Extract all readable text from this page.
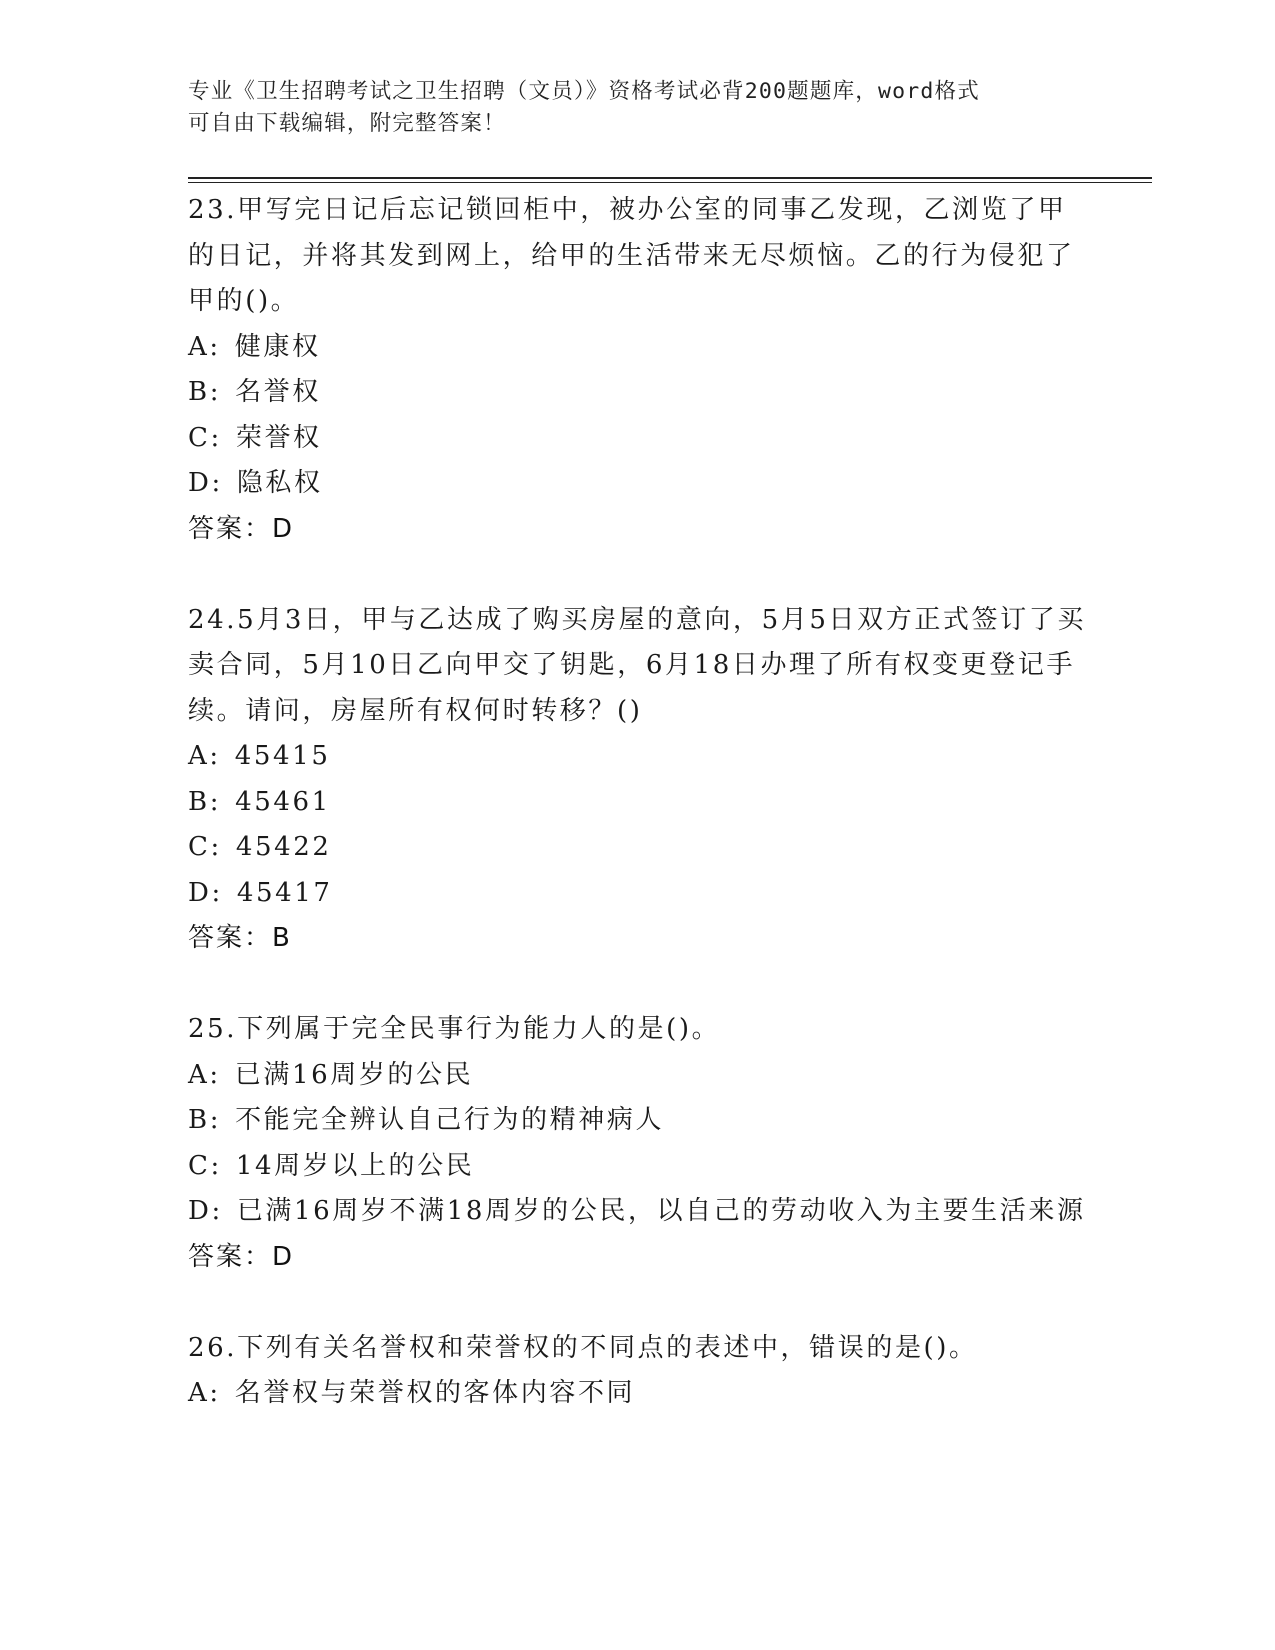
专业《卫生招聘考试之卫生招聘（文员）》资格考试必背200题题库，word格式
可自由下载编辑，附完整答案！

23.甲写完日记后忘记锁回柜中，被办公室的同事乙发现，乙浏览了甲的日记，并将其发到网上，给甲的生活带来无尽烦恼。乙的行为侵犯了甲的()。

A: 健康权

B: 名誉权

C: 荣誉权

D: 隐私权

答案：D

24.5月3日，甲与乙达成了购买房屋的意向，5月5日双方正式签订了买卖合同，5月10日乙向甲交了钥匙，6月18日办理了所有权变更登记手续。请问，房屋所有权何时转移？()

A: 45415

B: 45461

C: 45422

D: 45417

答案：B

25.下列属于完全民事行为能力人的是()。

A: 已满16周岁的公民

B: 不能完全辨认自己行为的精神病人

C: 14周岁以上的公民

D: 已满16周岁不满18周岁的公民，以自己的劳动收入为主要生活来源

答案：D

26.下列有关名誉权和荣誉权的不同点的表述中，错误的是()。

A: 名誉权与荣誉权的客体内容不同
